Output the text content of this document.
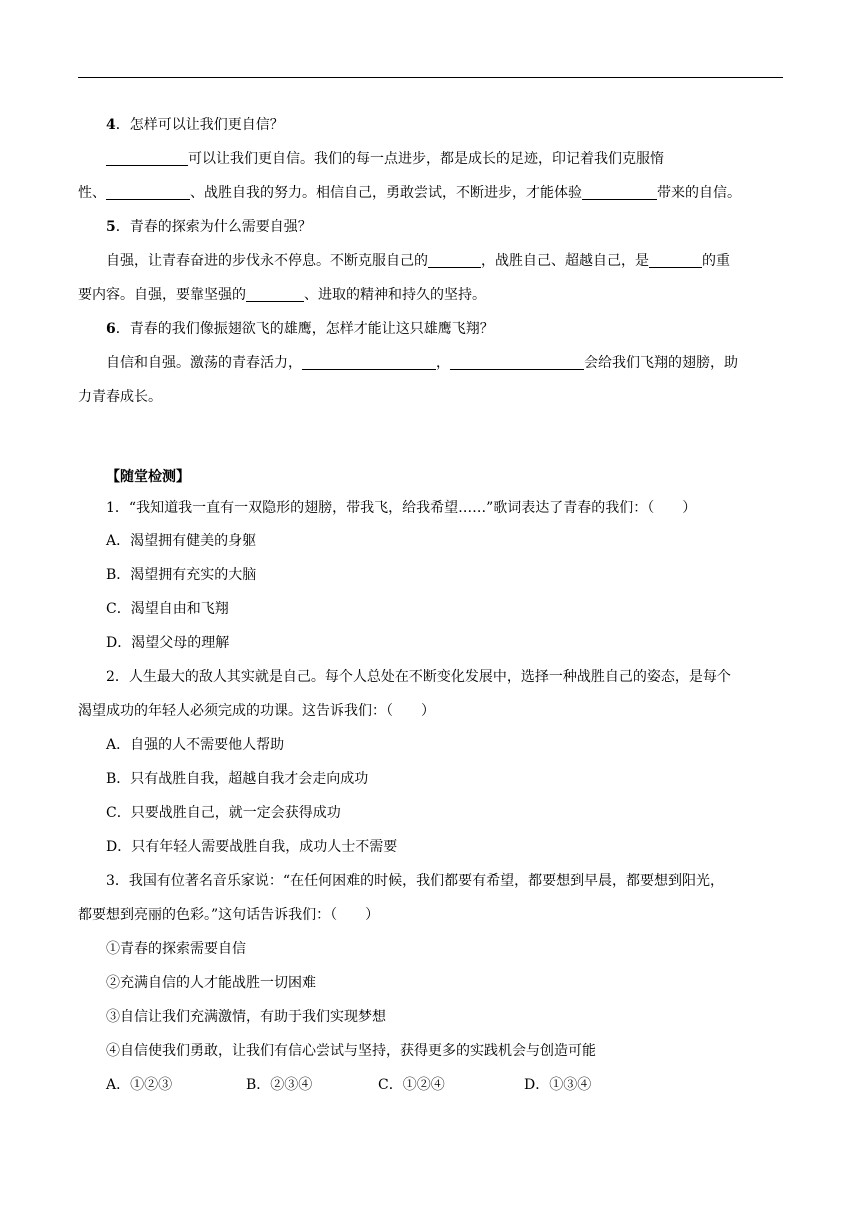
4．怎样可以让我们更自信？

可以让我们更自信。我们的每一点进步，都是成长的足迹，印记着我们克服惰

性、	、战胜自我的努力。相信自己，勇敢尝试，不断进步，才能体验	带来的自信。

5．青春的探索为什么需要自强？

自强，让青春奋进的步伐永不停息。不断克服自己的	，战胜自己、超越自己，是	的重

要内容。自强，要靠坚强的	、进取的精神和持久的坚持。

6．青春的我们像振翅欲飞的雄鹰，怎样才能让这只雄鹰飞翔？

自信和自强。激荡的青春活力，	，	会给我们飞翔的翅膀，助

力青春成长。

【随堂检测】

1．“我知道我一直有一双隐形的翅膀，带我飞，给我希望……”歌词表达了青春的我们：（　　）

A．渴望拥有健美的身躯

B．渴望拥有充实的大脑

C．渴望自由和飞翔

D．渴望父母的理解

2．人生最大的敌人其实就是自己。每个人总处在不断变化发展中，选择一种战胜自己的姿态，是每个

渴望成功的年轻人必须完成的功课。这告诉我们：（　　）

A．自强的人不需要他人帮助

B．只有战胜自我，超越自我才会走向成功

C．只要战胜自己，就一定会获得成功

D．只有年轻人需要战胜自我，成功人士不需要

3．我国有位著名音乐家说：“在任何困难的时候，我们都要有希望，都要想到早晨，都要想到阳光，

都要想到亮丽的色彩。”这句话告诉我们：（　　）

①青春的探索需要自信

②充满自信的人才能战胜一切困难

③自信让我们充满激情，有助于我们实现梦想

④自信使我们勇敢，让我们有信心尝试与坚持，获得更多的实践机会与创造可能

A．①②③	B．②③④	C．①②④	D．①③④
